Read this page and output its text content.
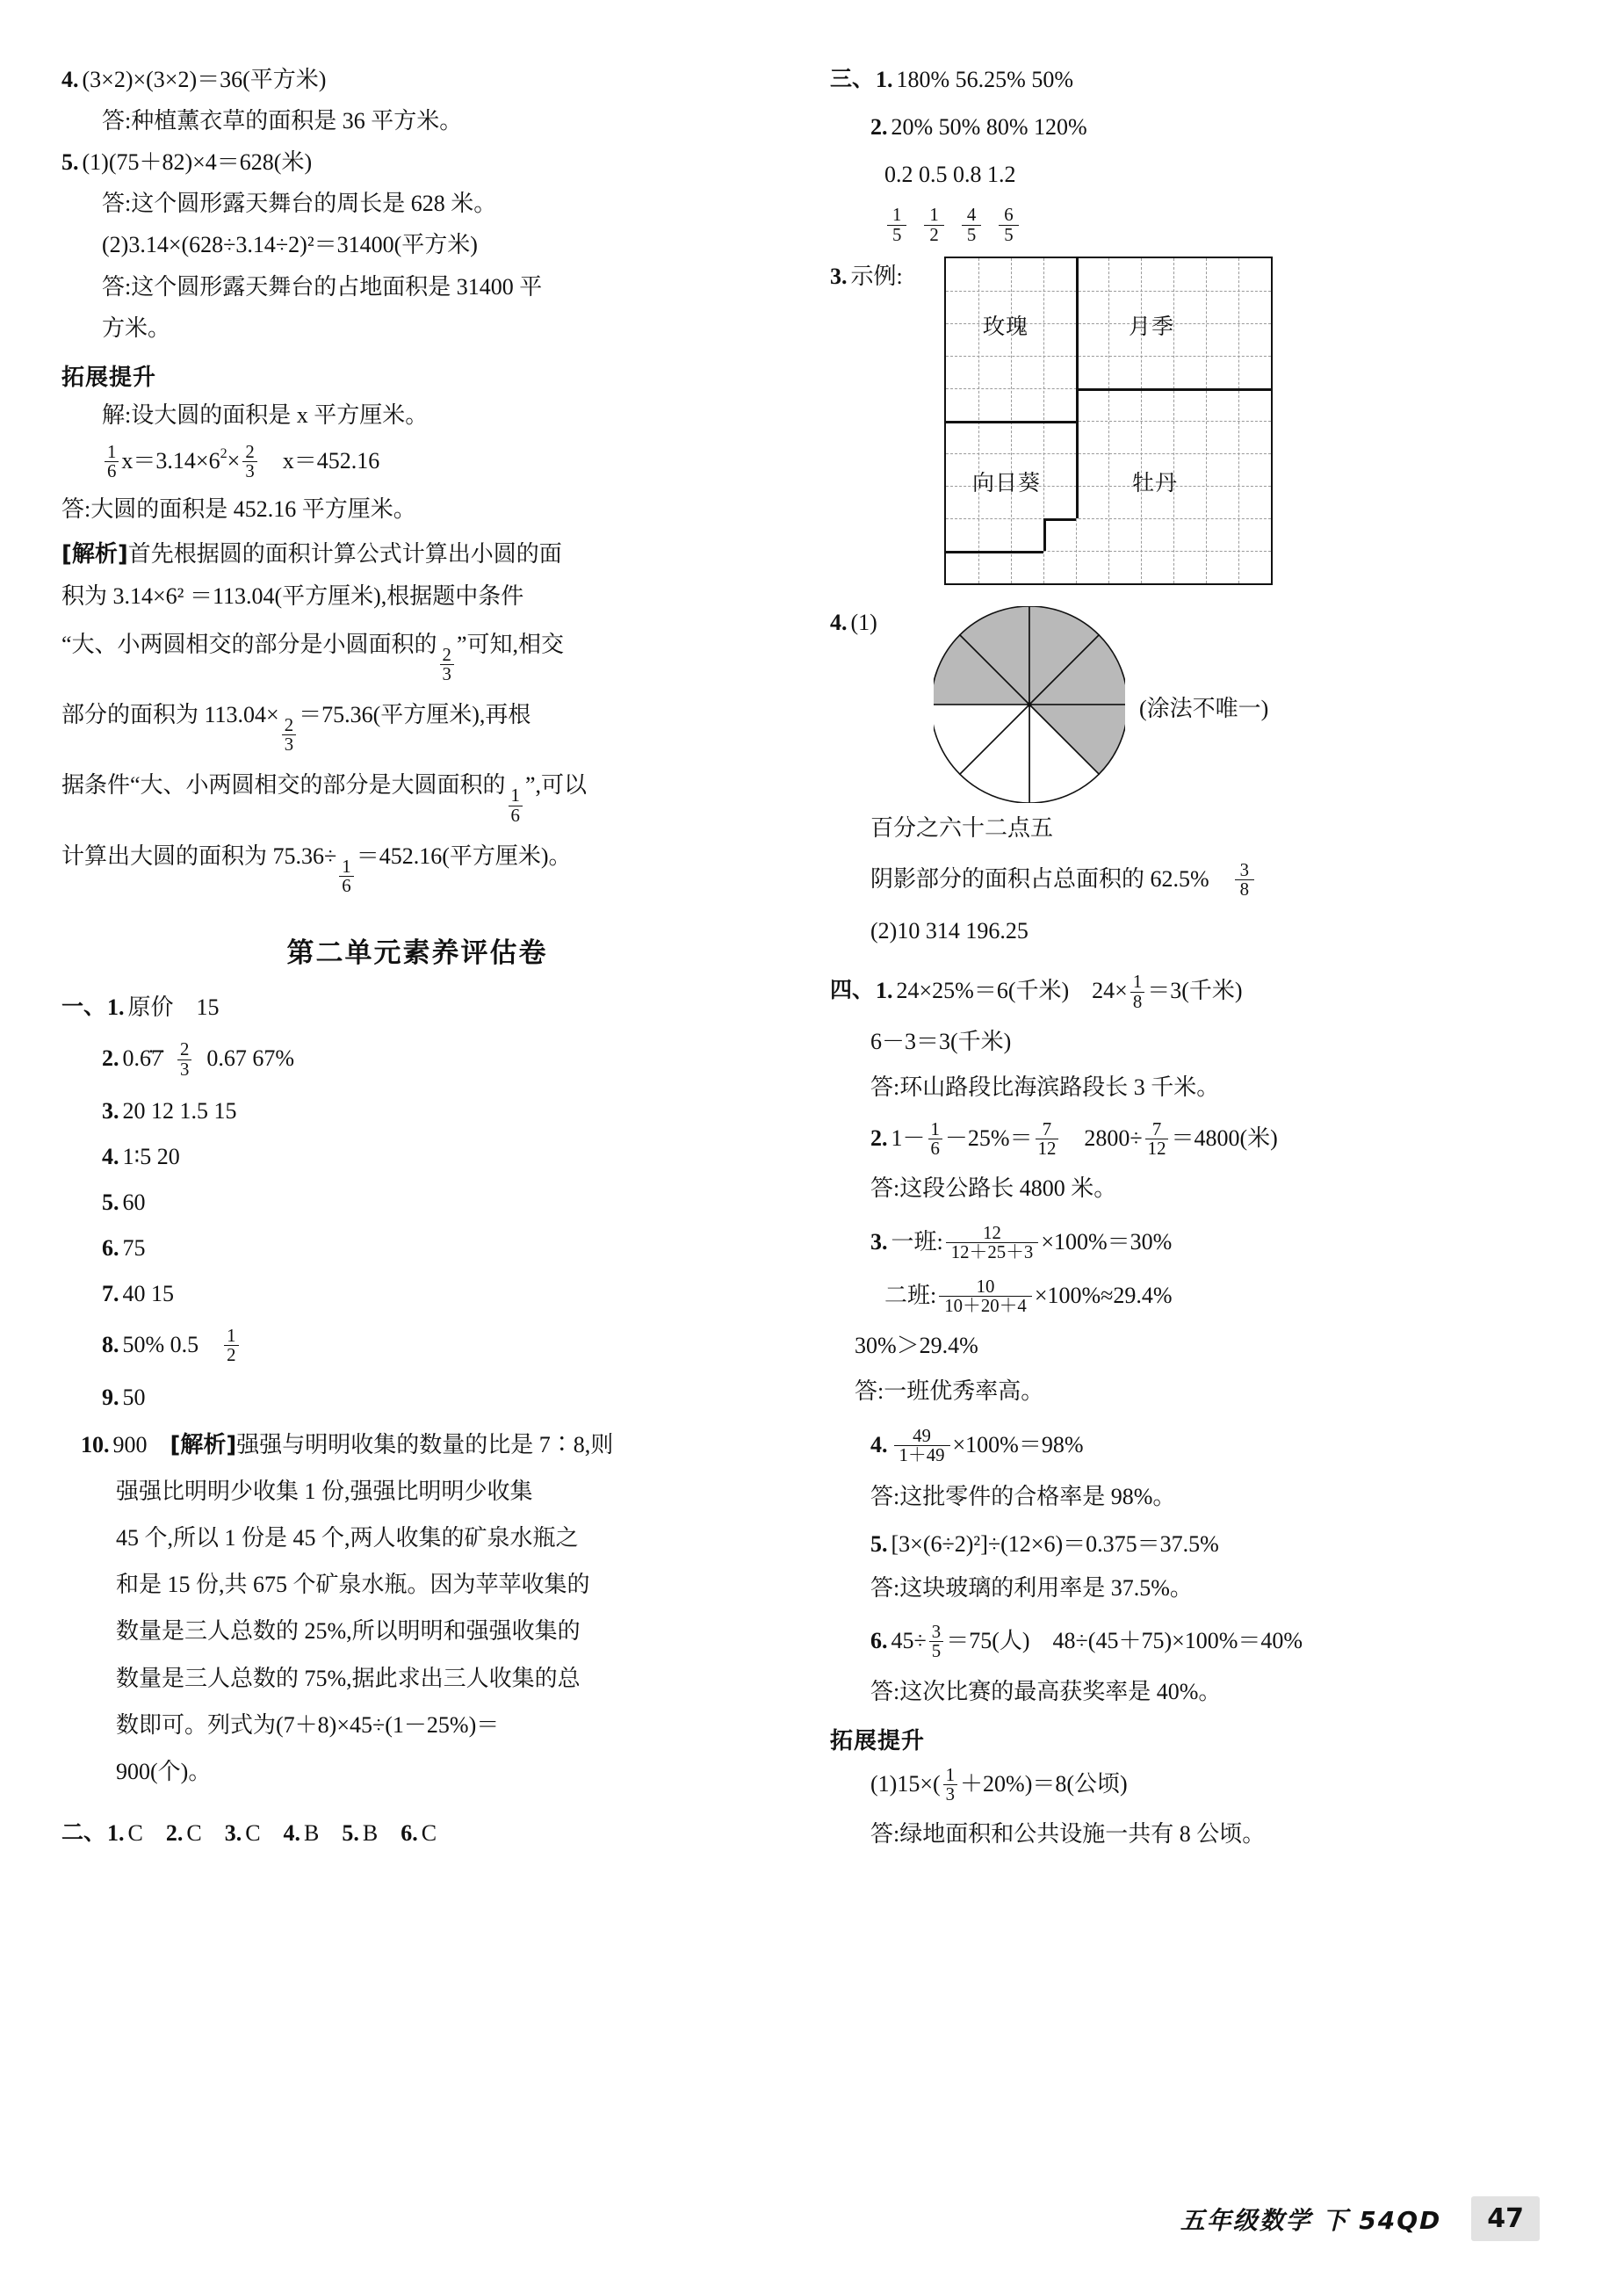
4. (3×2)×(3×2)＝36(平方米)
答:种植薰衣草的面积是 36 平方米。
5. (1)(75＋82)×4＝628(米)
答:这个圆形露天舞台的周长是 628 米。
(2)3.14×(628÷3.14÷2)²＝31400(平方米)
答:这个圆形露天舞台的占地面积是 31400 平
方米。
拓展提升
解:设大圆的面积是 x 平方厘米。
$\frac{1}{6} x=3.14\times 6^2 \times \frac{2}{3} x=452.16$
答:大圆的面积是 452.16 平方厘米。
[解析]首先根据圆的面积计算公式计算出小圆的面
积为 3.14×6² ＝113.04(平方厘米),根据题中条件
“大、小两圆相交的部分是小圆面积的
$\frac{2}{3}$
”可知,相交
部分的面积为 113.04×
$\frac{2}{3}$
＝75.36(平方厘米),再根
据条件“大、小两圆相交的部分是大圆面积的
$\frac{1}{6}$
”,可以
计算出大圆的面积为 75.36÷
$\frac{1}{6}$
＝452.16(平方厘米)。
第二单元素养评估卷
一、 1. 原价 15
2. 0.6̇7̇ $\frac{2}{3} 0.67$ 67%
3. 20 12 1.5 15
4. 1∶5 20
5. 60
6. 75
7. 40 15
8. 50% $0.5 \frac{1}{2}$
9. 50
10. 900 [解析] 强强与明明收集的数量的比是 7∶8,则
强强比明明少收集 1 份,强强比明明少收集
45 个,所以 1 份是 45 个,两人收集的矿泉水瓶之
和是 15 份,共 675 个矿泉水瓶。因为苹苹收集的
数量是三人总数的 25%,所以明明和强强收集的
数量是三人总数的 75%,据此求出三人收集的总
数即可。列式为(7＋8)×45÷(1－25%)＝
900(个)。
二、 1. C 2. C 3. C 4. B 5. B 6. C
三、 1. 180% 56.25% 50%
2. 20% 50% 80% 120%
0.2 0.5 0.8 1.2
$\frac{1}{5} \frac{1}{2} \frac{4}{5} \frac{6}{5}$
3. 示例:
玫瑰	月季
向日葵	牡丹
4. (1)
(涂法不唯一)
百分之六十二点五
阴影部分的面积占总面积的 $62.5\% \frac{3}{8}$
(2)10 314 196.25
四、 1. 24×25%＝6(千米) $24\times \frac{1}{8} =3$(千米)
6－3＝3(千米)
答:环山路段比海滨路段长 3 千米。
2. $1- \frac{1}{6} -25\%= \frac{7}{12} 2800\div \frac{7}{12} =4800$(米)
答:这段公路长 4800 米。
3. 一班: $\frac{12}{12+25+3} \times 100\%=30\%$
二班: $\frac{10}{10+20+4} \times 100\%\approx 29.4\%$
30%＞29.4%
答:一班优秀率高。
4. $\frac{49}{1+49} \times 100\%=98\%$
答:这批零件的合格率是 98%。
5. [3×(6÷2)²]÷(12×6)＝0.375＝37.5%
答:这块玻璃的利用率是 37.5%。
6. $45\div \frac{3}{5} =75$(人) 48÷(45＋75)×100%＝40%
答:这次比赛的最高获奖率是 40%。
拓展提升
$(1)15\times( \frac{1}{3} +20\%)=8$(公顷)
答:绿地面积和公共设施一共有 8 公顷。
五年级数学 下 54QD	47
